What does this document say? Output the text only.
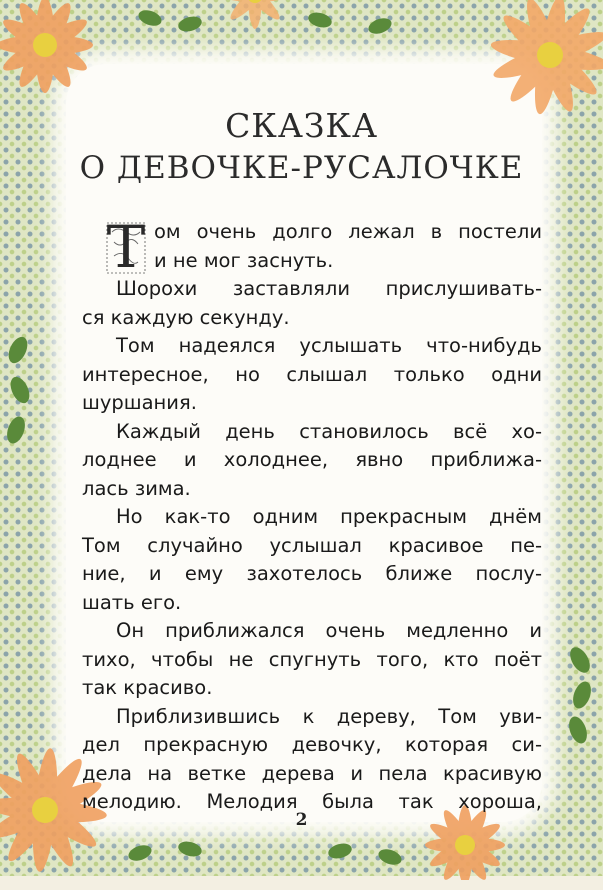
СКАЗКА
О ДЕВОЧКЕ-РУСАЛОЧКЕ
Т ом очень долго лежал в постели
и не мог заснуть.
Шорохи заставляли прислушивать-
ся каждую секунду.
Том надеялся услышать что-нибудь
интересное, но слышал только одни
шуршания.
Каждый день становилось всё хо-
лоднее и холоднее, явно приближа-
лась зима.
Но как-то одним прекрасным днём
Том случайно услышал красивое пе-
ние, и ему захотелось ближе послу-
шать его.
Он приближался очень медленно и
тихо, чтобы не спугнуть того, кто поёт
так красиво.
Приблизившись к дереву, Том уви-
дел прекрасную девочку, которая си-
дела на ветке дерева и пела красивую
мелодию. Мелодия была так хороша,
2
